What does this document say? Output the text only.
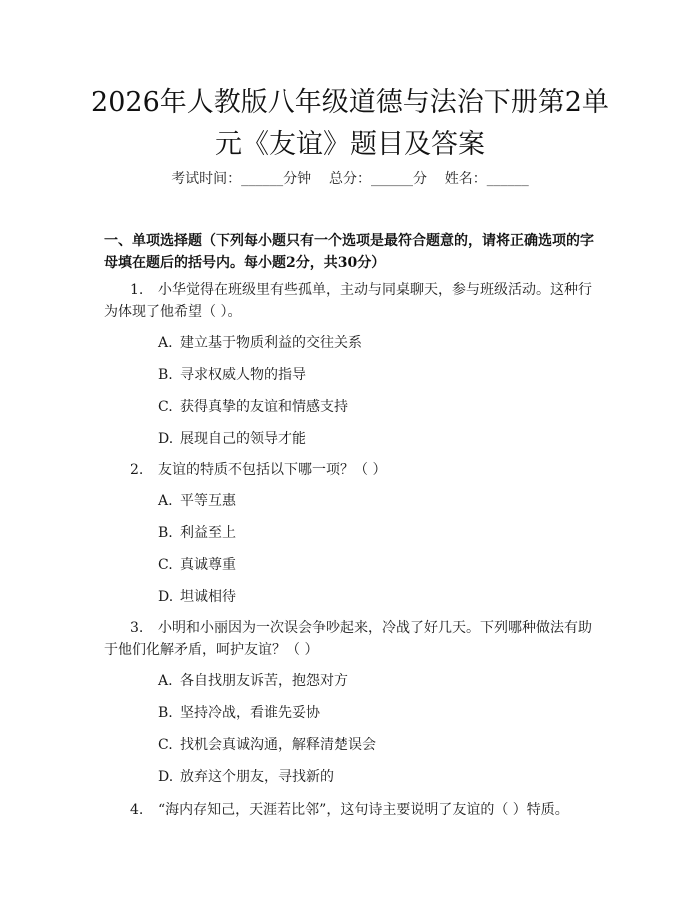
2026年人教版八年级道德与法治下册第2单
元《友谊》题目及答案
考试时间：______分钟    总分：______分    姓名：______
一、单项选择题（下列每小题只有一个选项是最符合题意的，请将正确选项的字母填在题后的括号内。每小题2分，共30分）
1. 小华觉得在班级里有些孤单，主动与同桌聊天，参与班级活动。这种行为体现了他希望（ ）。
A. 建立基于物质利益的交往关系
B. 寻求权威人物的指导
C. 获得真挚的友谊和情感支持
D. 展现自己的领导才能
2. 友谊的特质不包括以下哪一项？（ ）
A. 平等互惠
B. 利益至上
C. 真诚尊重
D. 坦诚相待
3. 小明和小丽因为一次误会争吵起来，冷战了好几天。下列哪种做法有助于他们化解矛盾，呵护友谊？（ ）
A. 各自找朋友诉苦，抱怨对方
B. 坚持冷战，看谁先妥协
C. 找机会真诚沟通，解释清楚误会
D. 放弃这个朋友，寻找新的
4. “海内存知己，天涯若比邻”，这句诗主要说明了友谊的（ ）特质。
